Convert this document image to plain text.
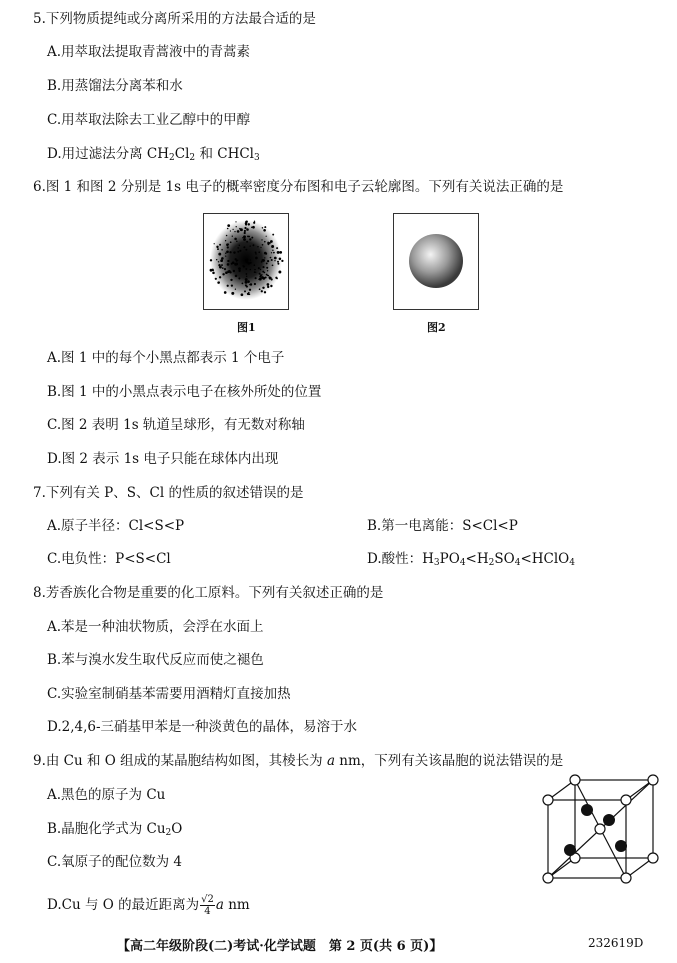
5.下列物质提纯或分离所采用的方法最合适的是
A.用萃取法提取青蒿液中的青蒿素
B.用蒸馏法分离苯和水
C.用萃取法除去工业乙醇中的甲醇
D.用过滤法分离 $CH_2Cl_2$ 和 CHCl$_3$
6.图 1 和图 2 分别是 1s 电子的概率密度分布图和电子云轮廓图。下列有关说法正确的是
图1	图2
A.图 1 中的每个小黑点都表示 1 个电子
B.图 1 中的小黑点表示电子在核外所处的位置
C.图 2 表明 1s 轨道呈球形，有无数对称轴
D.图 2 表示 1s 电子只能在球体内出现
7.下列有关 P、S、Cl 的性质的叙述错误的是
A.原子半径：Cl<S<P	B.第一电离能：S<Cl<P
C.电负性：P<S<Cl	D.酸性：$H_3PO_4<H_2SO_4<HClO_4$
8.芳香族化合物是重要的化工原料。下列有关叙述正确的是
A.苯是一种油状物质，会浮在水面上
B.苯与溴水发生取代反应而使之褪色
C.实验室制硝基苯需要用酒精灯直接加热
D.2,4,6-三硝基甲苯是一种淡黄色的晶体，易溶于水
9.由 Cu 和 O 组成的某晶胞结构如图，其棱长为 a nm，下列有关该晶胞的说法错误的是
A.黑色的原子为 Cu
B.晶胞化学式为 $Cu_2O$
C.氧原子的配位数为 4
D.Cu 与 O 的最近距离为 $\frac{√2}{4}$ a nm
【高二年级阶段(二)考试·化学试题　第 2 页(共 6 页)】	232619D
